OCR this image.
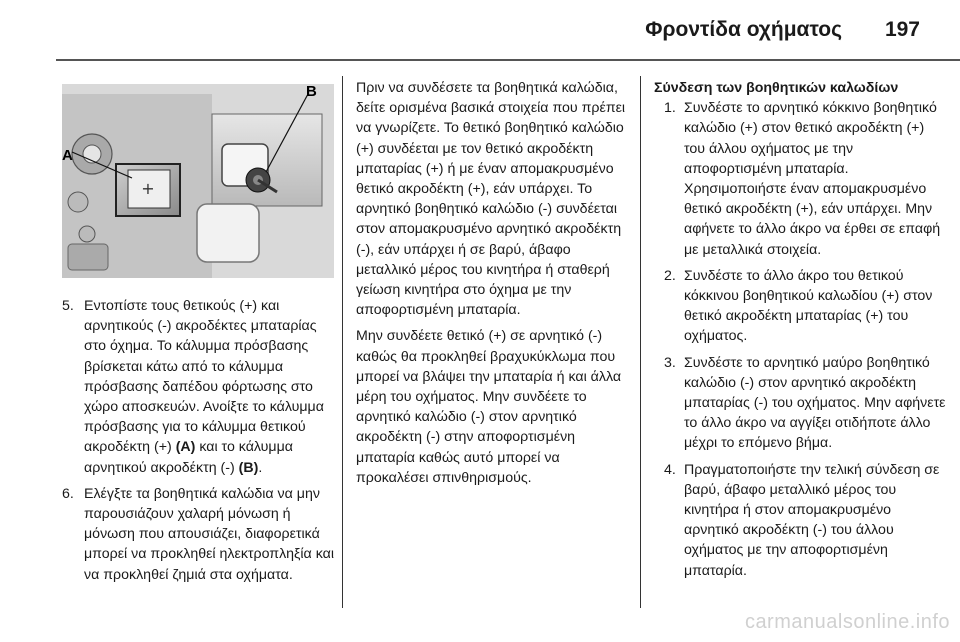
Φροντίδα οχήματος 197
+
A
B
5. Εντοπίστε τους θετικούς (+) και αρνητικούς (-) ακροδέκτες μπαταρίας στο όχημα. Το κάλυμμα πρόσβασης βρίσκεται κάτω από το κάλυμμα πρόσβασης δαπέδου φόρτωσης στο χώρο αποσκευών. Ανοίξτε το κάλυμμα πρόσβασης για το κάλυμμα θετικού ακροδέκτη (+) (A) και το κάλυμμα αρνητικού ακροδέκτη (-) (B).
6. Ελέγξτε τα βοηθητικά καλώδια να μην παρουσιάζουν χαλαρή μόνωση ή μόνωση που απουσιάζει, διαφορετικά μπορεί να προκληθεί ηλεκτροπληξία και να προκληθεί ζημιά στα οχήματα.

Πριν να συνδέσετε τα βοηθητικά καλώδια, δείτε ορισμένα βασικά στοιχεία που πρέπει να γνωρίζετε. Το θετικό βοηθητικό καλώδιο (+) συνδέεται με τον θετικό ακροδέκτη μπαταρίας (+) ή με έναν απομακρυσμένο θετικό ακροδέκτη (+), εάν υπάρχει. Το αρνητικό βοηθητικό καλώδιο (-) συνδέεται στον απομακρυσμένο αρνητικό ακροδέκτη (-), εάν υπάρχει ή σε βαρύ, άβαφο μεταλλικό μέρος του κινητήρα ή σταθερή γείωση κινητήρα στο όχημα με την αποφορτισμένη μπαταρία.

Μην συνδέετε θετικό (+) σε αρνητικό (-) καθώς θα προκληθεί βραχυκύκλωμα που μπορεί να βλάψει την μπαταρία ή και άλλα μέρη του οχήματος. Μην συνδέετε το αρνητικό καλώδιο (-) στον αρνητικό ακροδέκτη (-) στην αποφορτισμένη μπαταρία καθώς αυτό μπορεί να προκαλέσει σπινθηρισμούς.

Σύνδεση των βοηθητικών καλωδίων
1. Συνδέστε το αρνητικό κόκκινο βοηθητικό καλώδιο (+) στον θετικό ακροδέκτη (+) του άλλου οχήματος με την αποφορτισμένη μπαταρία. Χρησιμοποιήστε έναν απομακρυσμένο θετικό ακροδέκτη (+), εάν υπάρχει. Μην αφήνετε το άλλο άκρο να έρθει σε επαφή με μεταλλικά στοιχεία.
2. Συνδέστε το άλλο άκρο του θετικού κόκκινου βοηθητικού καλωδίου (+) στον θετικό ακροδέκτη μπαταρίας (+) του οχήματος.
3. Συνδέστε το αρνητικό μαύρο βοηθητικό καλώδιο (-) στον αρνητικό ακροδέκτη μπαταρίας (-) του οχήματος. Μην αφήνετε το άλλο άκρο να αγγίξει οτιδήποτε άλλο μέχρι το επόμενο βήμα.
4. Πραγματοποιήστε την τελική σύνδεση σε βαρύ, άβαφο μεταλλικό μέρος του κινητήρα ή στον απομακρυσμένο αρνητικό ακροδέκτη (-) του άλλου οχήματος με την αποφορτισμένη μπαταρία.
carmanualsonline.info
